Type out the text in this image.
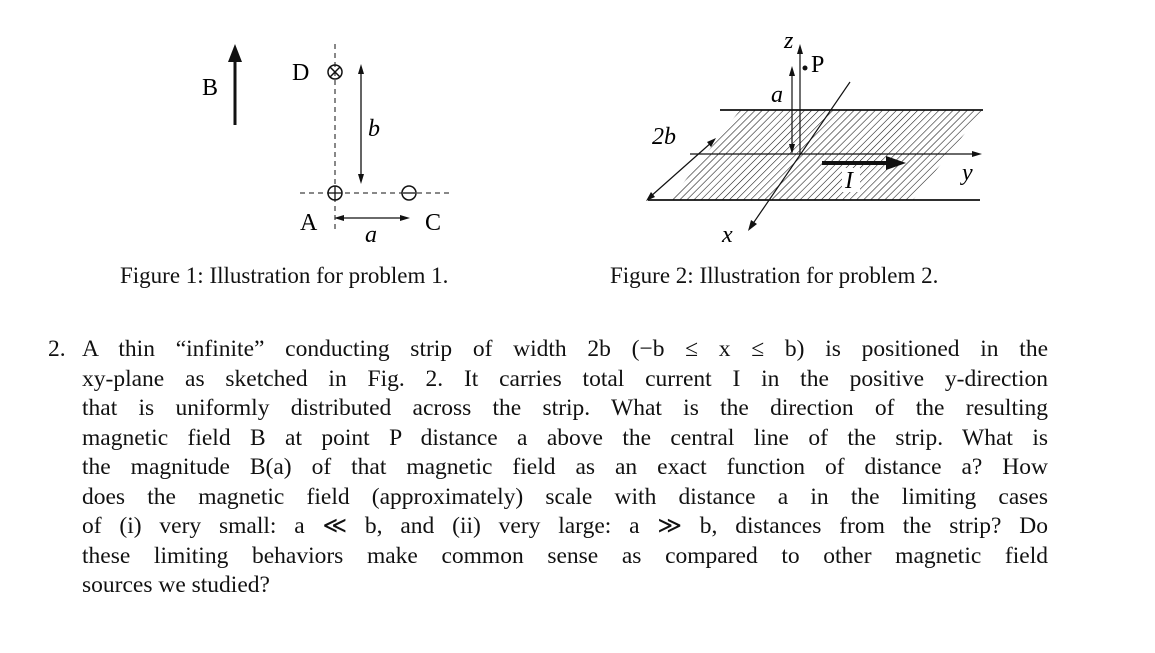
B
D
b
A a C
y
z
P
a
x
2b
I
Figure 1: Illustration for problem 1.	Figure 2: Illustration for problem 2.
2. A thin “infinite” conducting strip of width 2b (−b ≤ x ≤ b) is positioned in the
xy-plane as sketched in Fig. 2. It carries total current I in the positive y-direction
that is uniformly distributed across the strip. What is the direction of the resulting
magnetic field B at point P distance a above the central line of the strip. What is
the magnitude B(a) of that magnetic field as an exact function of distance a? How
does the magnetic field (approximately) scale with distance a in the limiting cases
of (i) very small: a ≪ b, and (ii) very large: a ≫ b, distances from the strip? Do
these limiting behaviors make common sense as compared to other magnetic field
sources we studied?
